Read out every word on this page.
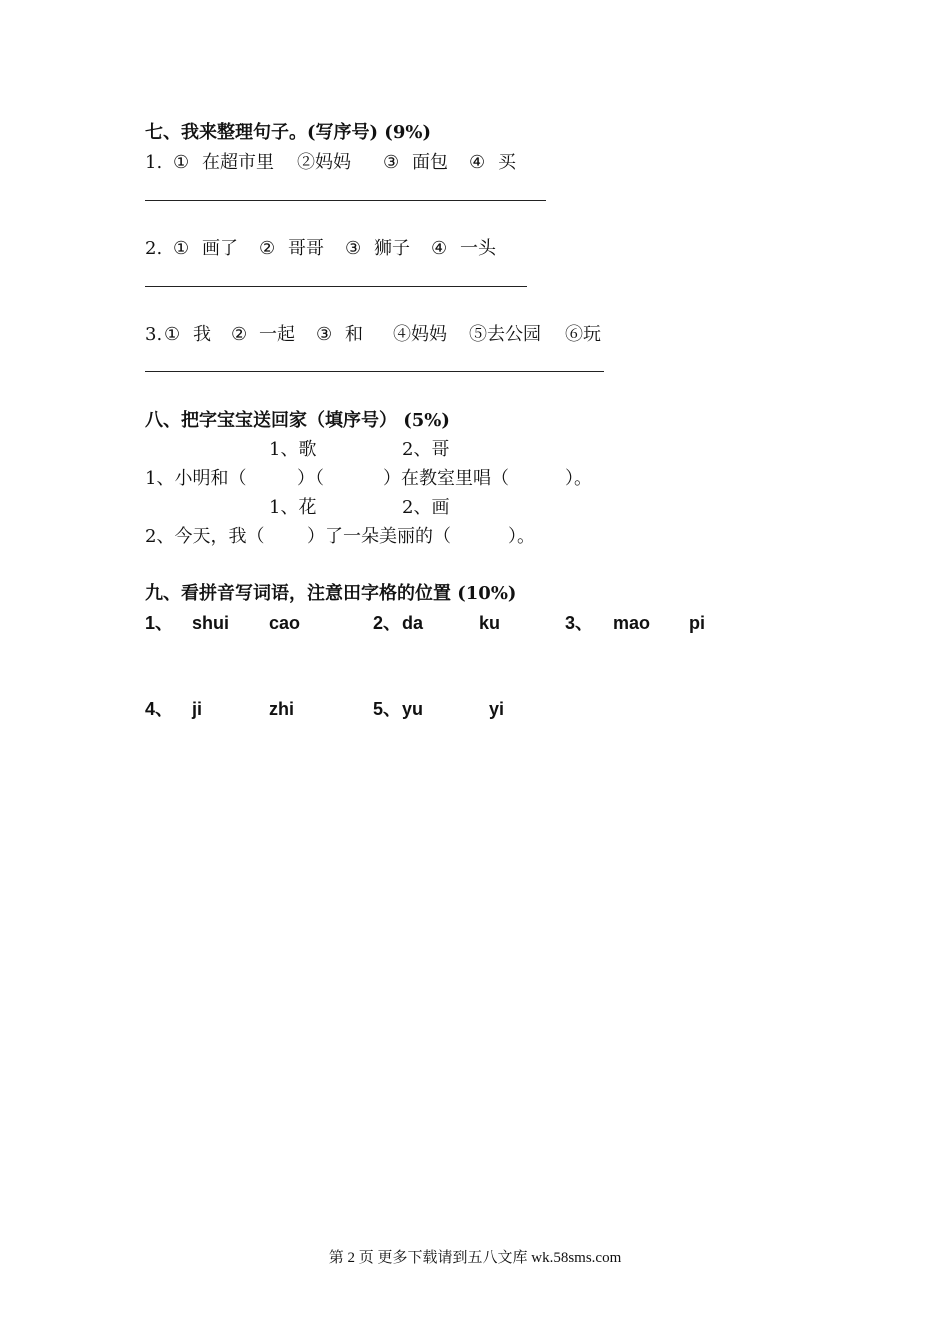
七、我来整理句子。(写序号) (9%)
1. ① 在超市里 ②妈妈 ③ 面包 ④ 买
2. ① 画了 ② 哥哥 ③ 狮子 ④ 一头
3. ① 我 ② 一起 ③ 和 ④妈妈 ⑤去公园 ⑥玩
八、把字宝宝送回家（填序号） (5%)
1、歌	2、哥
1、小明和（	）（	）在教室里唱（	）。
1、花	2、画
2、今天，我（ ）了一朵美丽的（	）。
九、看拼音写词语，注意田字格的位置 (10%)
1、 shui cao	2、 da	ku	3、 mao pi
4、 ji	zhi	5、 yu	yi
第 2 页 更多下载请到五八文库 wk.58sms.com
